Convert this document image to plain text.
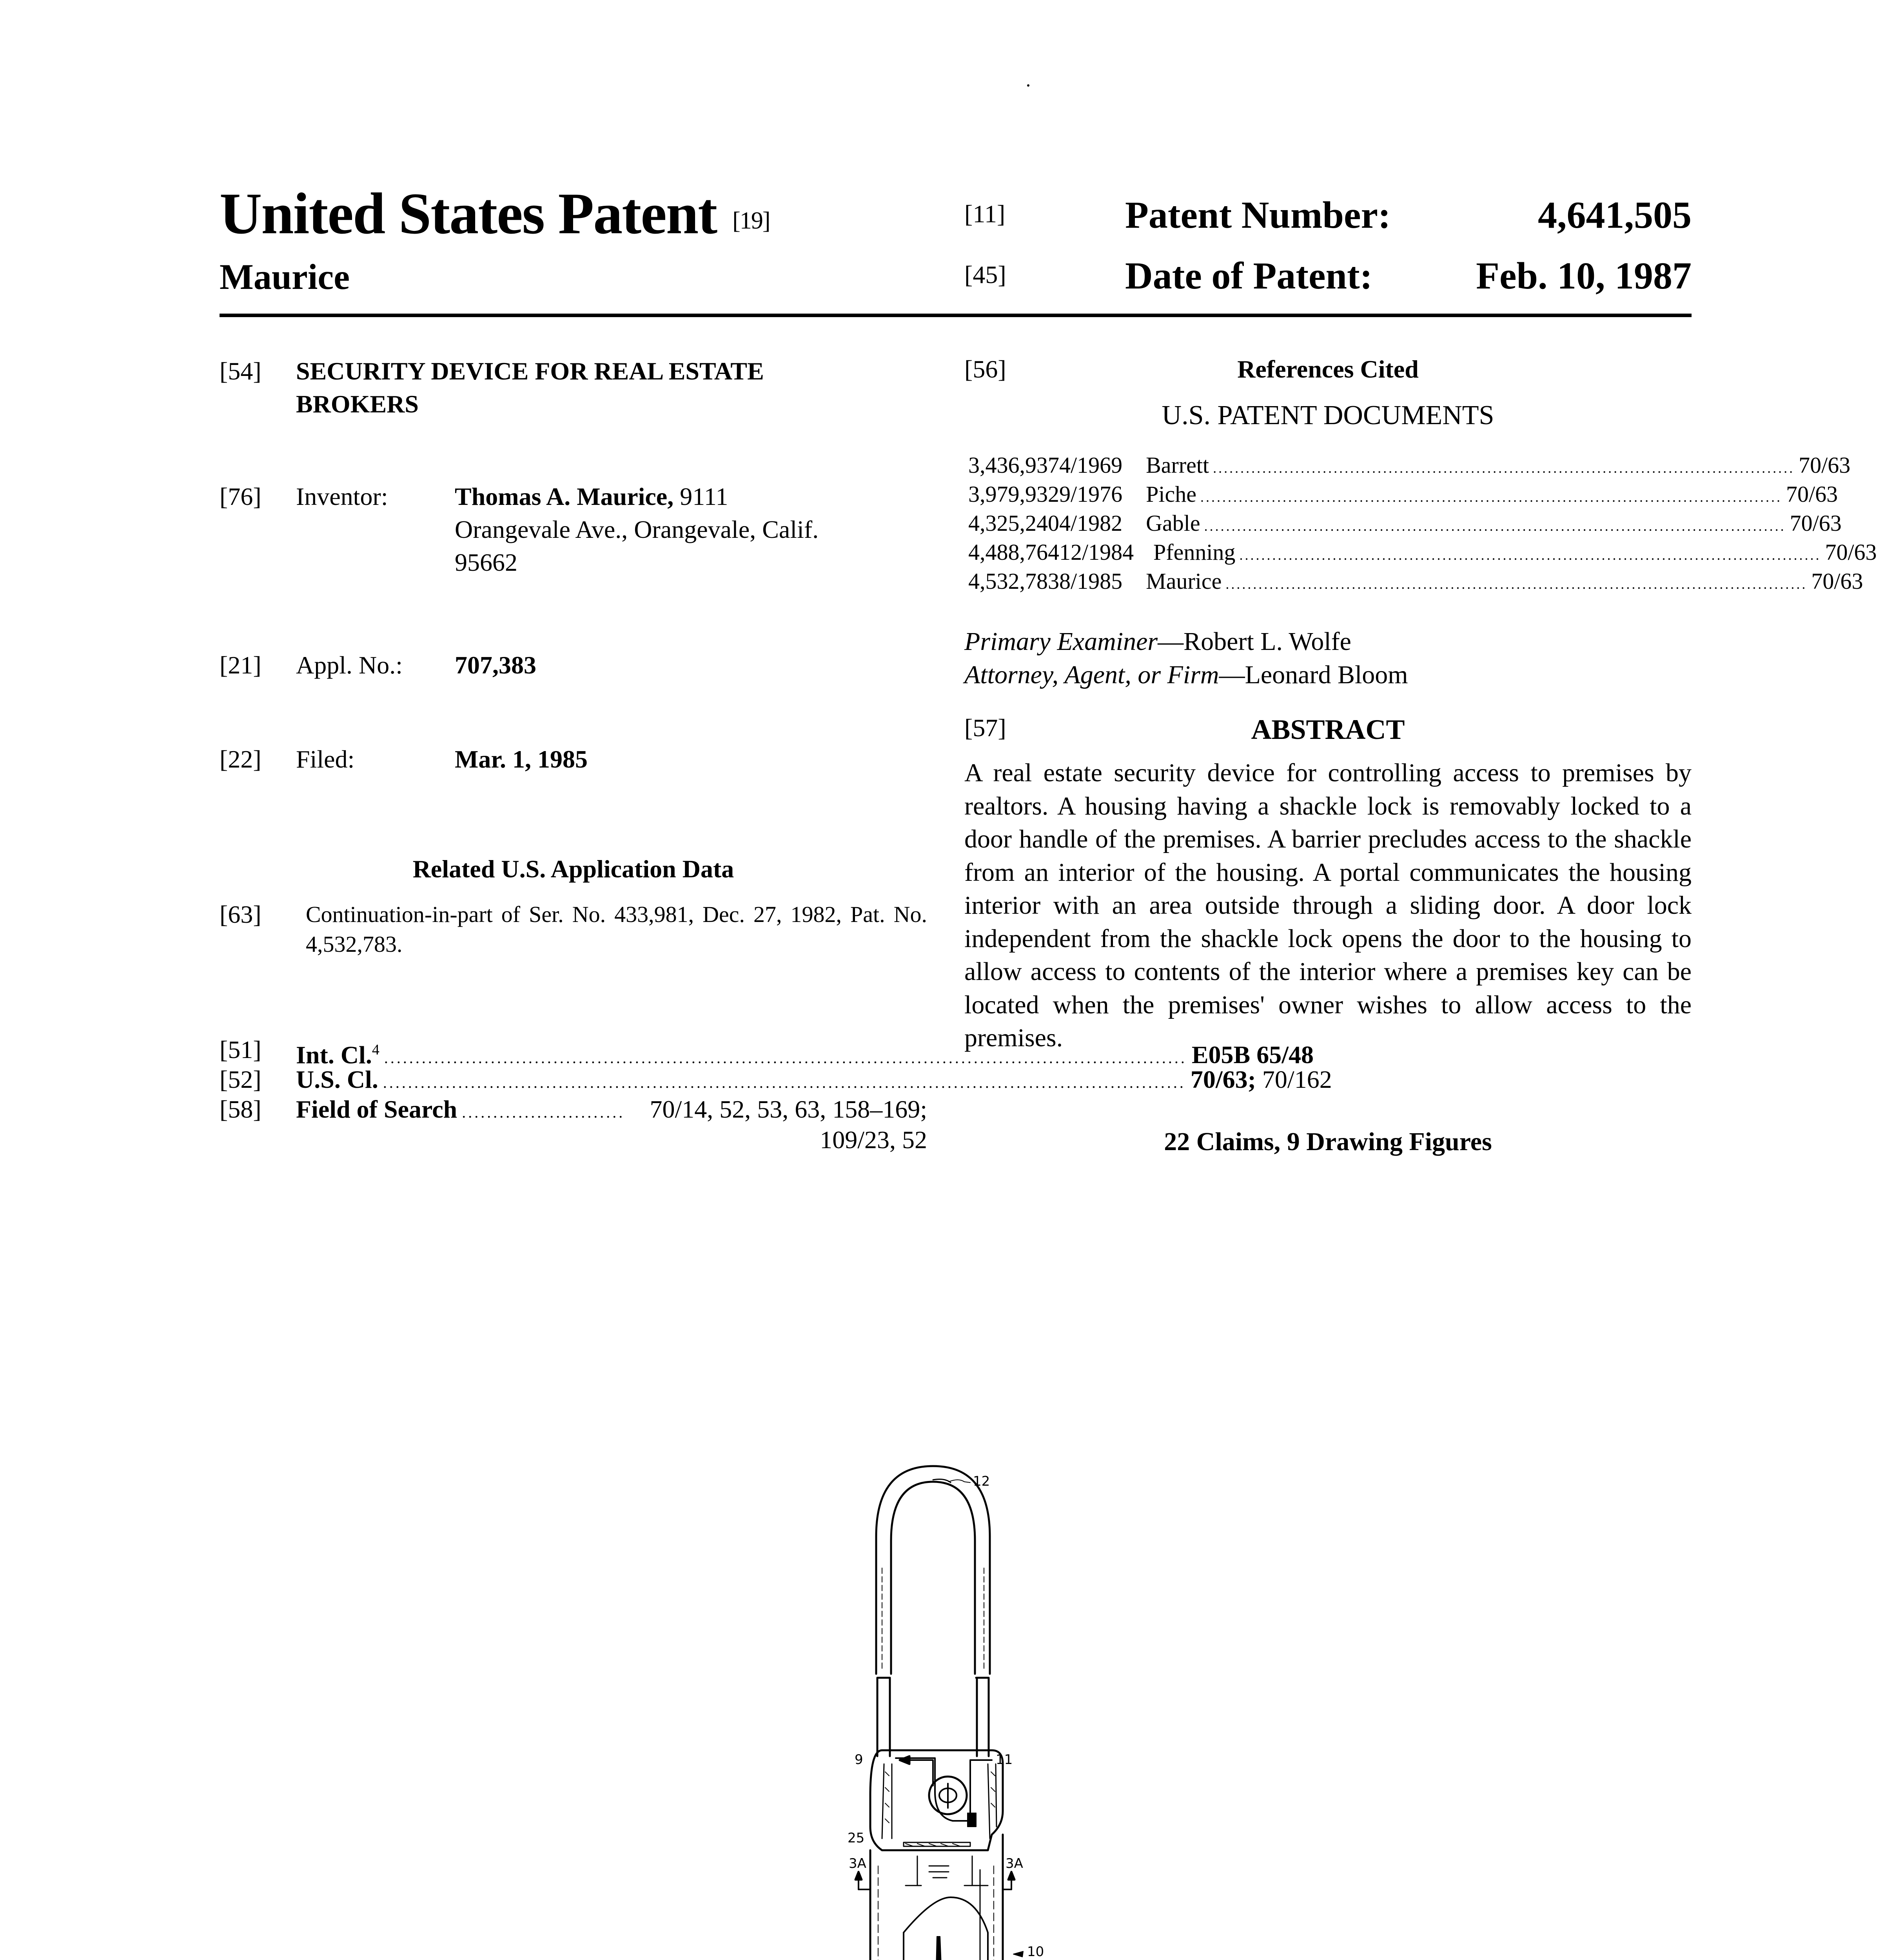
United States Patent [19]
Maurice
[11]	Patent Number:	4,641,505
[45]	Date of Patent:	Feb. 10, 1987
[54] SECURITY DEVICE FOR REAL ESTATE
BROKERS
[76] Inventor:	Thomas A. Maurice, 9111
Orangevale Ave., Orangevale, Calif.
95662
[21] Appl. No.: 707,383
[22] Filed:	Mar. 1, 1985
Related U.S. Application Data
[63] Continuation-in-part of Ser. No. 433,981, Dec. 27, 1982, Pat. No. 4,532,783.
[51] Int. Cl.$^4$ ................................................................................................................................ E05B 65/48
[52] U.S. Cl. ................................................................................................................................ 70/63; 70/162
[58] Field of Search .......................... 70/14, 52, 53, 63, 158–169;
109/23, 52
[56]	References Cited
U.S. PATENT DOCUMENTS
3,436,937 4/1969 Barrett .......................................................................................................... 70/63
3,979,932 9/1976 Piche .......................................................................................................... 70/63
4,325,240 4/1982 Gable .......................................................................................................... 70/63
4,488,764 12/1984 Pfenning .......................................................................................................... 70/63
4,532,783 8/1985 Maurice .......................................................................................................... 70/63
Primary Examiner—Robert L. Wolfe
Attorney, Agent, or Firm—Leonard Bloom
[57]	ABSTRACT
A real estate security device for controlling access to premises by realtors. A housing having a shackle lock is removably locked to a door handle of the premises. A barrier precludes access to the shackle from an interior of the housing. A portal communicates the housing interior with an area outside through a sliding door. A door lock independent from the shackle lock opens the door to the housing to allow access to contents of the interior where a premises key can be located when the premises' owner wishes to allow access to the premises.
22 Claims, 9 Drawing Figures
12
9	11
25
3A	3A
10
